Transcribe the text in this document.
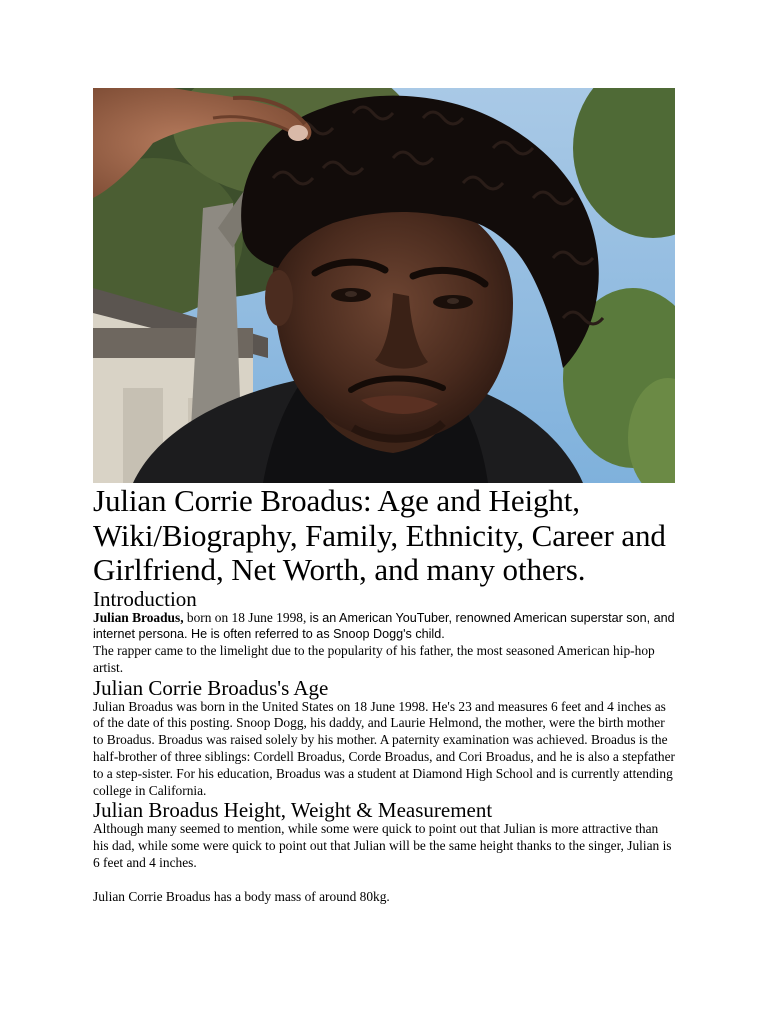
Julian Corrie Broadus: Age and Height, Wiki/Biography, Family, Ethnicity, Career and Girlfriend, Net Worth, and many others.
Introduction

Julian Broadus, born on 18 June 1998, is an American YouTuber, renowned American superstar son, and internet persona. He is often referred to as Snoop Dogg's child.

The rapper came to the limelight due to the popularity of his father, the most seasoned American hip-hop artist.

Julian Corrie Broadus's Age

Julian Broadus was born in the United States on 18 June 1998. He's 23 and measures 6 feet and 4 inches as of the date of this posting. Snoop Dogg, his daddy, and Laurie Helmond, the mother, were the birth mother to Broadus. Broadus was raised solely by his mother. A paternity examination was achieved. Broadus is the half-brother of three siblings: Cordell Broadus, Corde Broadus, and Cori Broadus, and he is also a stepfather to a step-sister. For his education, Broadus was a student at Diamond High School and is currently attending college in California.

Julian Broadus Height, Weight & Measurement

Although many seemed to mention, while some were quick to point out that Julian is more attractive than his dad, while some were quick to point out that Julian will be the same height thanks to the singer, Julian is 6 feet and 4 inches.

Julian Corrie Broadus has a body mass of around 80kg.
